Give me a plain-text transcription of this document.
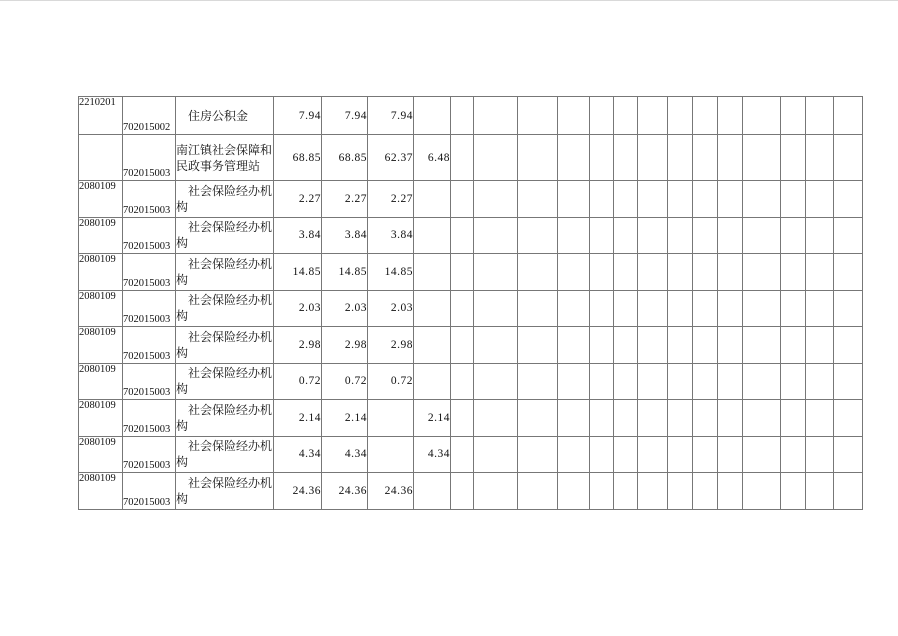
2210201	702015002	　住房公积金	7.94	7.94	7.94															
	702015003	南江镇社会保障和民政事务管理站	68.85	68.85	62.37	6.48														
2080109	702015003	　社会保险经办机构	2.27	2.27	2.27															
2080109	702015003	　社会保险经办机构	3.84	3.84	3.84															
2080109	702015003	　社会保险经办机构	14.85	14.85	14.85															
2080109	702015003	　社会保险经办机构	2.03	2.03	2.03															
2080109	702015003	　社会保险经办机构	2.98	2.98	2.98															
2080109	702015003	　社会保险经办机构	0.72	0.72	0.72															
2080109	702015003	　社会保险经办机构	2.14	2.14		2.14														
2080109	702015003	　社会保险经办机构	4.34	4.34		4.34														
2080109	702015003	　社会保险经办机构	24.36	24.36	24.36															
